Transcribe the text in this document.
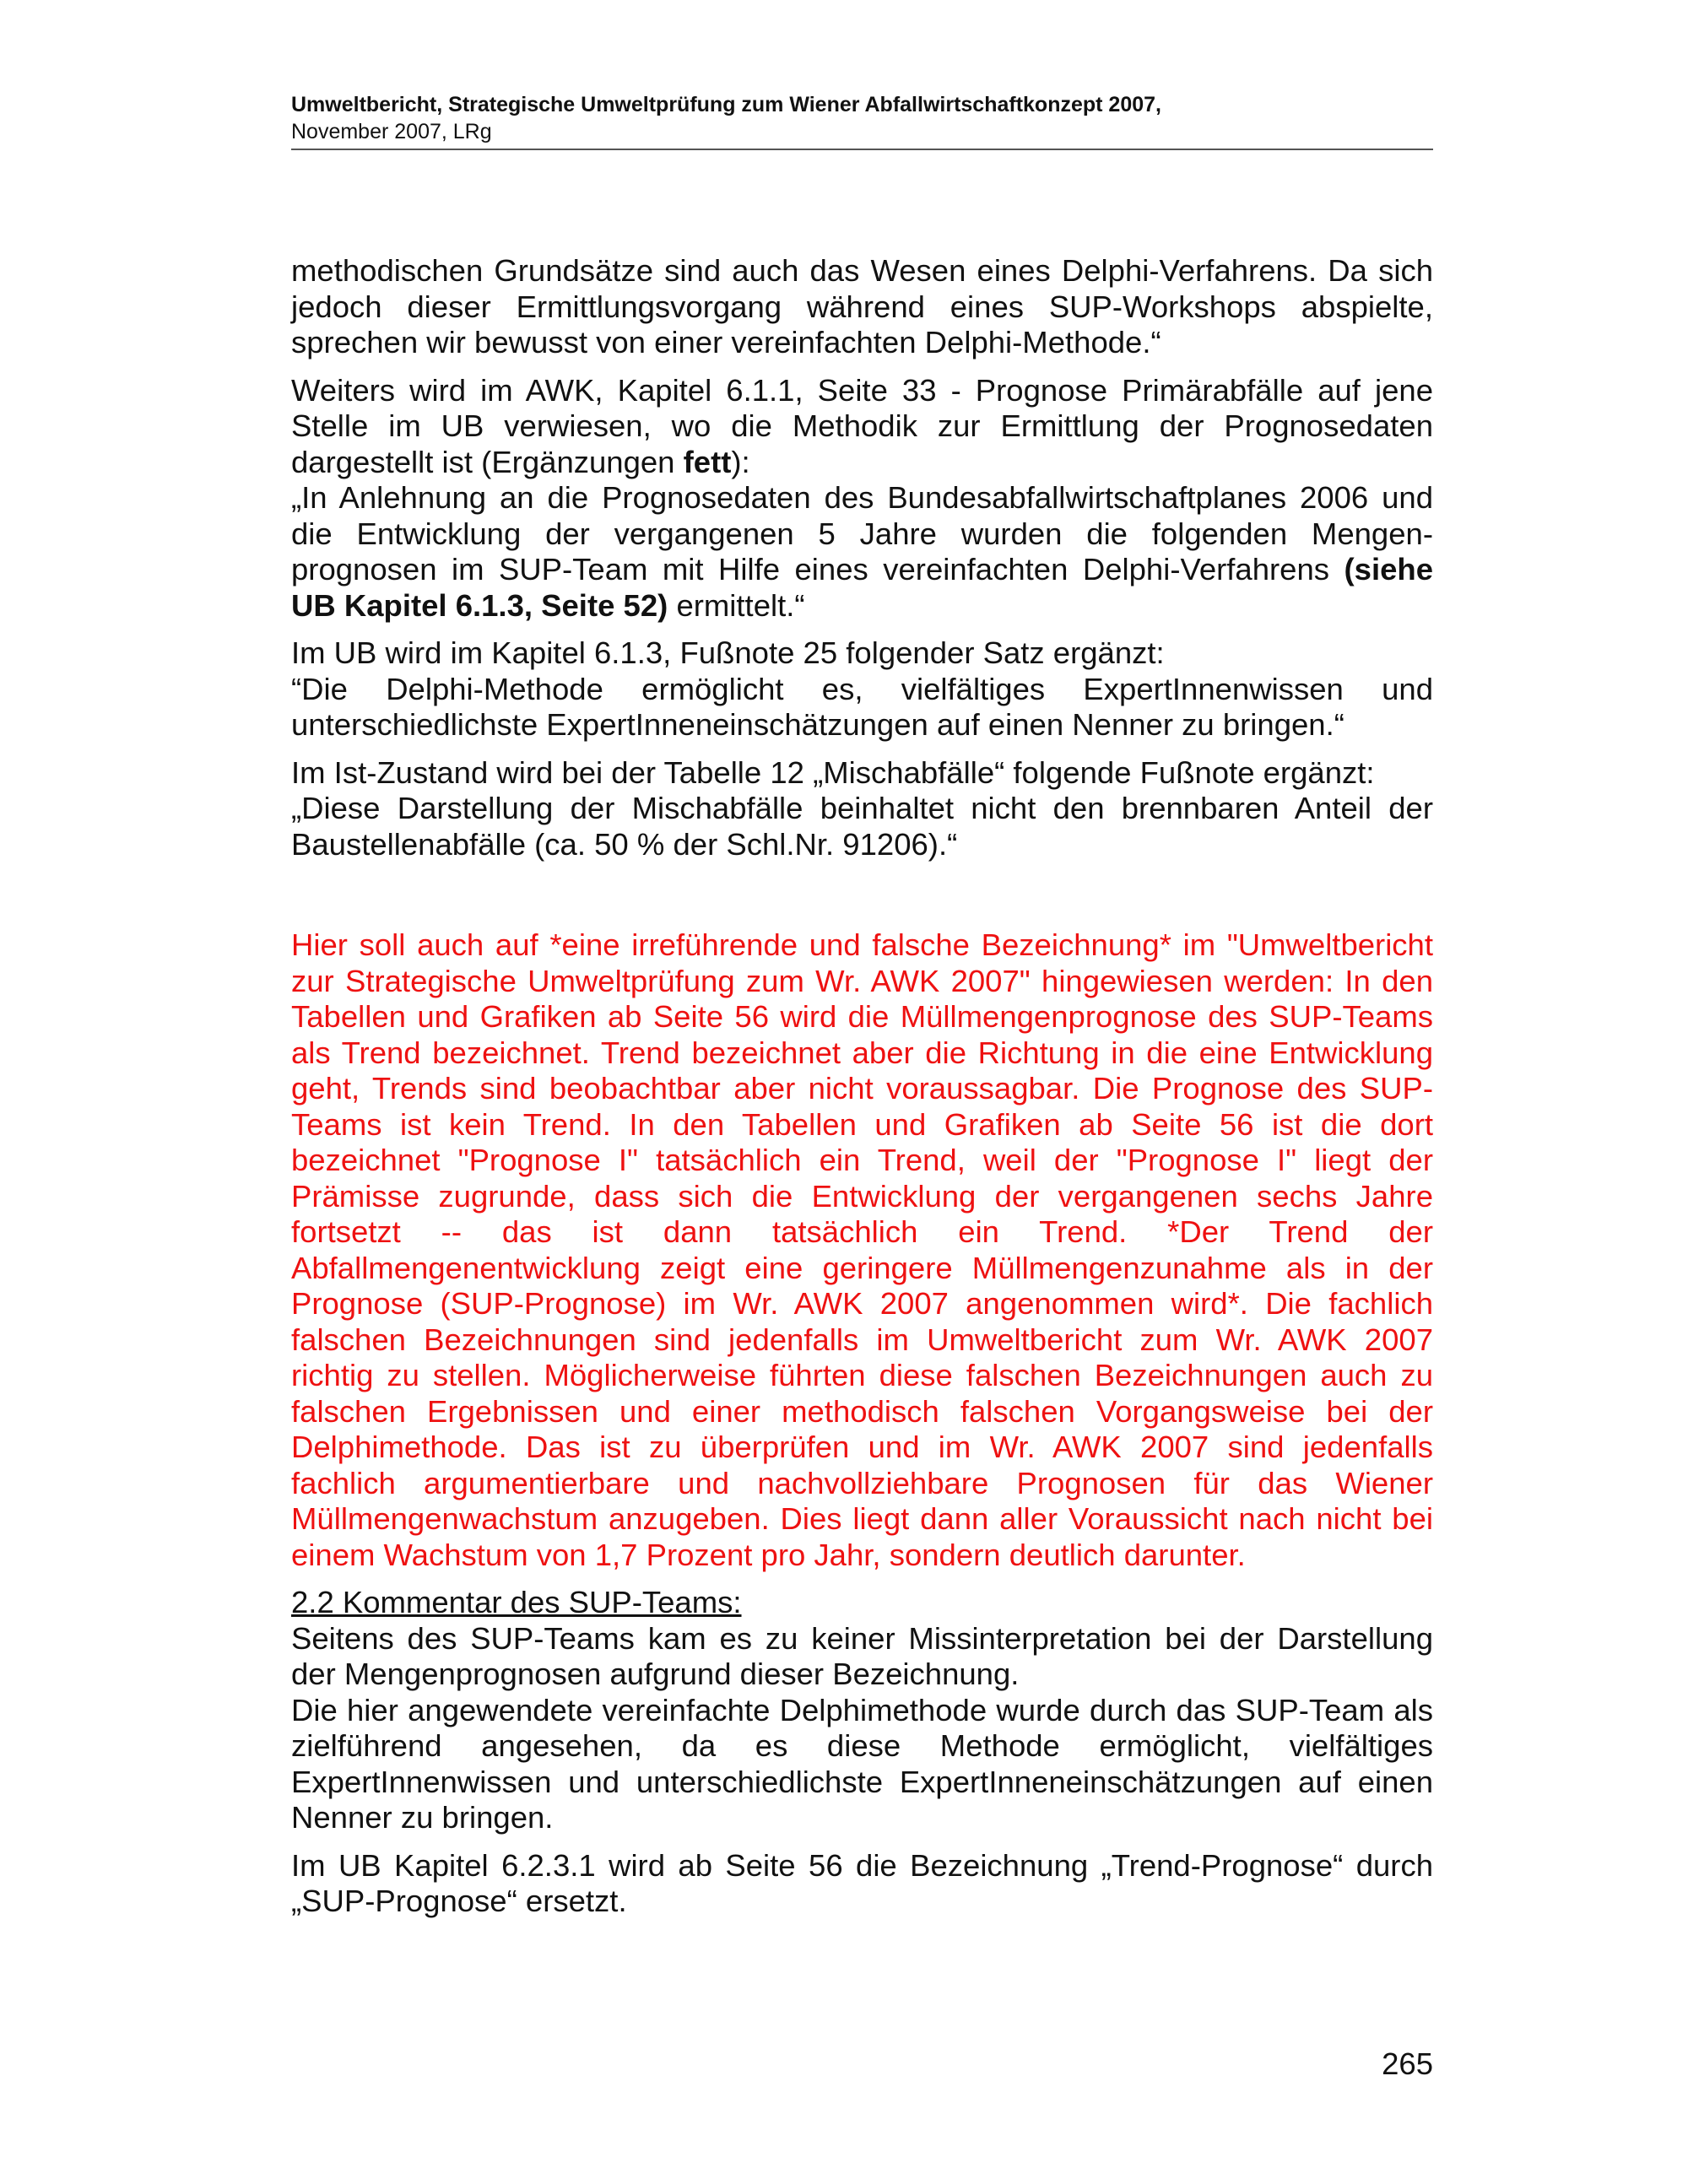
Umweltbericht, Strategische Umweltprüfung zum Wiener Abfallwirtschaftkonzept 2007,
November 2007, LRg
methodischen Grundsätze sind auch das Wesen eines Delphi-Verfahrens. Da sich jedoch dieser Ermittlungsvorgang während eines SUP-Workshops abspielte, sprechen wir bewusst von einer vereinfachten Delphi-Methode.“
Weiters wird im AWK, Kapitel 6.1.1, Seite 33 - Prognose Primärabfälle auf jene Stelle im UB verwiesen, wo die Methodik zur Ermittlung der Prognosedaten dargestellt ist (Ergänzungen fett):
„In Anlehnung an die Prognosedaten des Bundesabfallwirtschaftplanes 2006 und die Entwicklung der vergangenen 5 Jahre wurden die folgenden Mengen-prognosen im SUP-Team mit Hilfe eines vereinfachten Delphi-Verfahrens (siehe UB Kapitel 6.1.3, Seite 52) ermittelt.“
Im UB wird im Kapitel 6.1.3, Fußnote 25 folgender Satz ergänzt:
“Die Delphi-Methode ermöglicht es, vielfältiges ExpertInnenwissen und unterschiedlichste ExpertInneneinschätzungen auf einen Nenner zu bringen.“
Im Ist-Zustand wird bei der Tabelle 12 „Mischabfälle“ folgende Fußnote ergänzt:
„Diese Darstellung der Mischabfälle beinhaltet nicht den brennbaren Anteil der Baustellenabfälle (ca. 50 % der Schl.Nr. 91206).“
Hier soll auch auf *eine irreführende und falsche Bezeichnung* im "Umweltbericht zur Strategische Umweltprüfung zum Wr. AWK 2007" hingewiesen werden: In den Tabellen und Grafiken ab Seite 56 wird die Müllmengenprognose des SUP-Teams als Trend bezeichnet. Trend bezeichnet aber die Richtung in die eine Entwicklung geht, Trends sind beobachtbar aber nicht voraussagbar. Die Prognose des SUP-Teams ist kein Trend. In den Tabellen und Grafiken ab Seite 56 ist die dort bezeichnet "Prognose I" tatsächlich ein Trend, weil der "Prognose I" liegt der Prämisse zugrunde, dass sich die Entwicklung der vergangenen sechs Jahre fortsetzt -- das ist dann tatsächlich ein Trend. *Der Trend der Abfallmengenentwicklung zeigt eine geringere Müllmengenzunahme als in der Prognose (SUP-Prognose) im Wr. AWK 2007 angenommen wird*. Die fachlich falschen Bezeichnungen sind jedenfalls im Umweltbericht zum Wr. AWK 2007 richtig zu stellen. Möglicherweise führten diese falschen Bezeichnungen auch zu falschen Ergebnissen und einer methodisch falschen Vorgangsweise bei der Delphimethode. Das ist zu überprüfen und im Wr. AWK 2007 sind jedenfalls fachlich argumentierbare und nachvollziehbare Prognosen für das Wiener Müllmengenwachstum anzugeben. Dies liegt dann aller Voraussicht nach nicht bei einem Wachstum von 1,7 Prozent pro Jahr, sondern deutlich darunter.
2.2 Kommentar des SUP-Teams:
Seitens des SUP-Teams kam es zu keiner Missinterpretation bei der Darstellung der Mengenprognosen aufgrund dieser Bezeichnung.
Die hier angewendete vereinfachte Delphimethode wurde durch das SUP-Team als zielführend angesehen, da es diese Methode ermöglicht, vielfältiges ExpertInnenwissen und unterschiedlichste ExpertInneneinschätzungen auf einen Nenner zu bringen.
Im UB Kapitel 6.2.3.1 wird ab Seite 56 die Bezeichnung „Trend-Prognose“ durch „SUP-Prognose“ ersetzt.
265
